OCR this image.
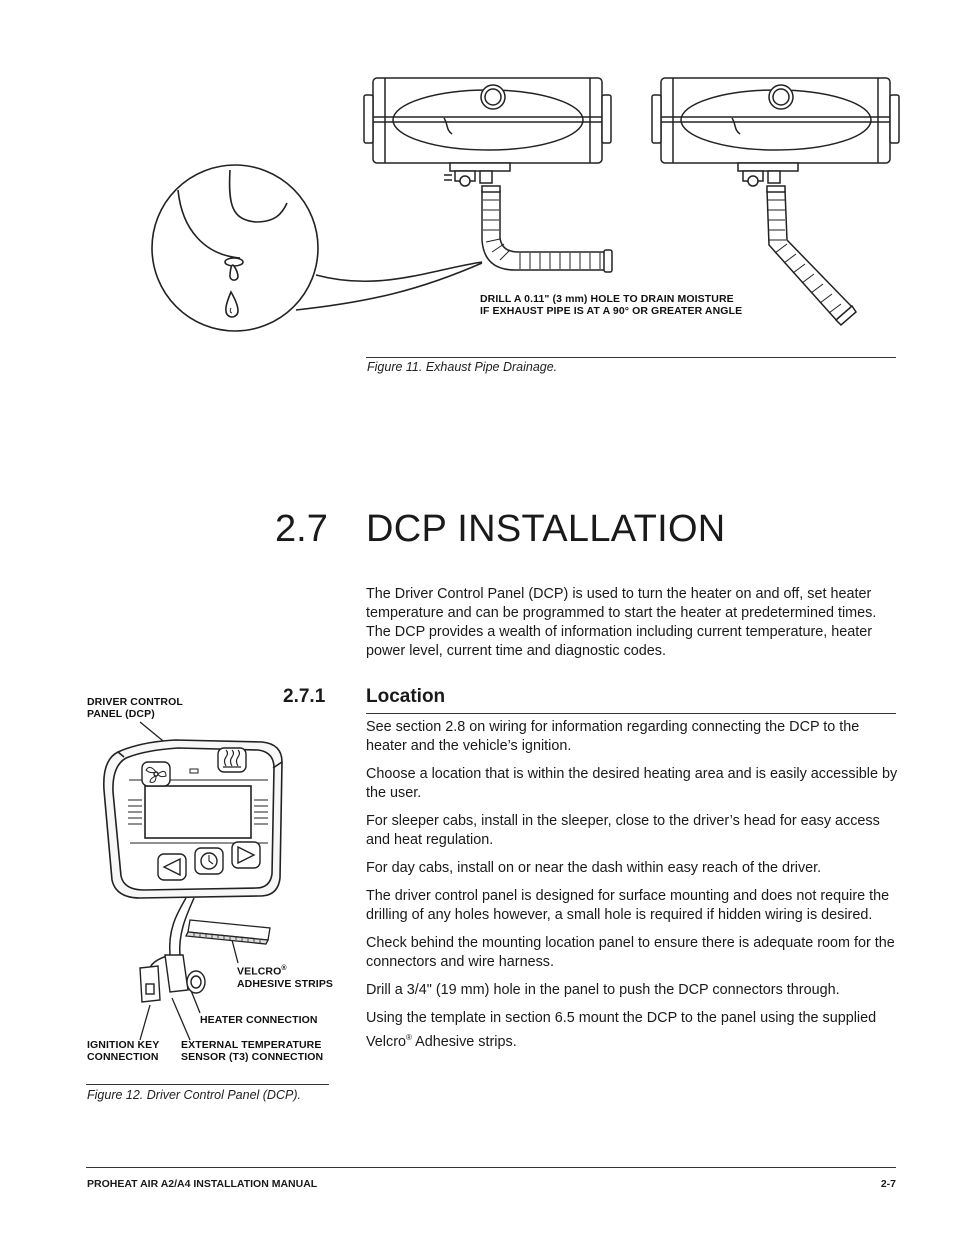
DRILL A 0.11" (3 mm) HOLE TO DRAIN MOISTURE
IF EXHAUST PIPE IS AT A 90° OR GREATER ANGLE
Figure 11. Exhaust Pipe Drainage.
2.7 DCP INSTALLATION

The Driver Control Panel (DCP) is used to turn the heater on and off, set heater temperature and can be programmed to start the heater at predetermined times. The DCP provides a wealth of information including current temperature, heater power level, current time and diagnostic codes.

2.7.1 Location

See section 2.8 on wiring for information regarding connecting the DCP to the heater and the vehicle’s ignition.

Choose a location that is within the desired heating area and is easily accessible by the user.

For sleeper cabs, install in the sleeper, close to the driver’s head for easy access and heat regulation.

For day cabs, install on or near the dash within easy reach of the driver.

The driver control panel is designed for surface mounting and does not require the drilling of any holes however, a small hole is required if hidden wiring is desired.

Check behind the mounting location panel to ensure there is adequate room for the connectors and wire harness.

Drill a 3/4" (19 mm) hole in the panel to push the DCP connectors through.

Using the template in section 6.5 mount the DCP to the panel using the supplied Velcro® Adhesive strips.

DRIVER CONTROL
PANEL (DCP)
VELCRO®
ADHESIVE STRIPS
HEATER CONNECTION
IGNITION KEY
CONNECTION
EXTERNAL TEMPERATURE
SENSOR (T3) CONNECTION
Figure 12. Driver Control Panel (DCP).
PROHEAT AIR A2/A4 INSTALLATION MANUAL	2-7
